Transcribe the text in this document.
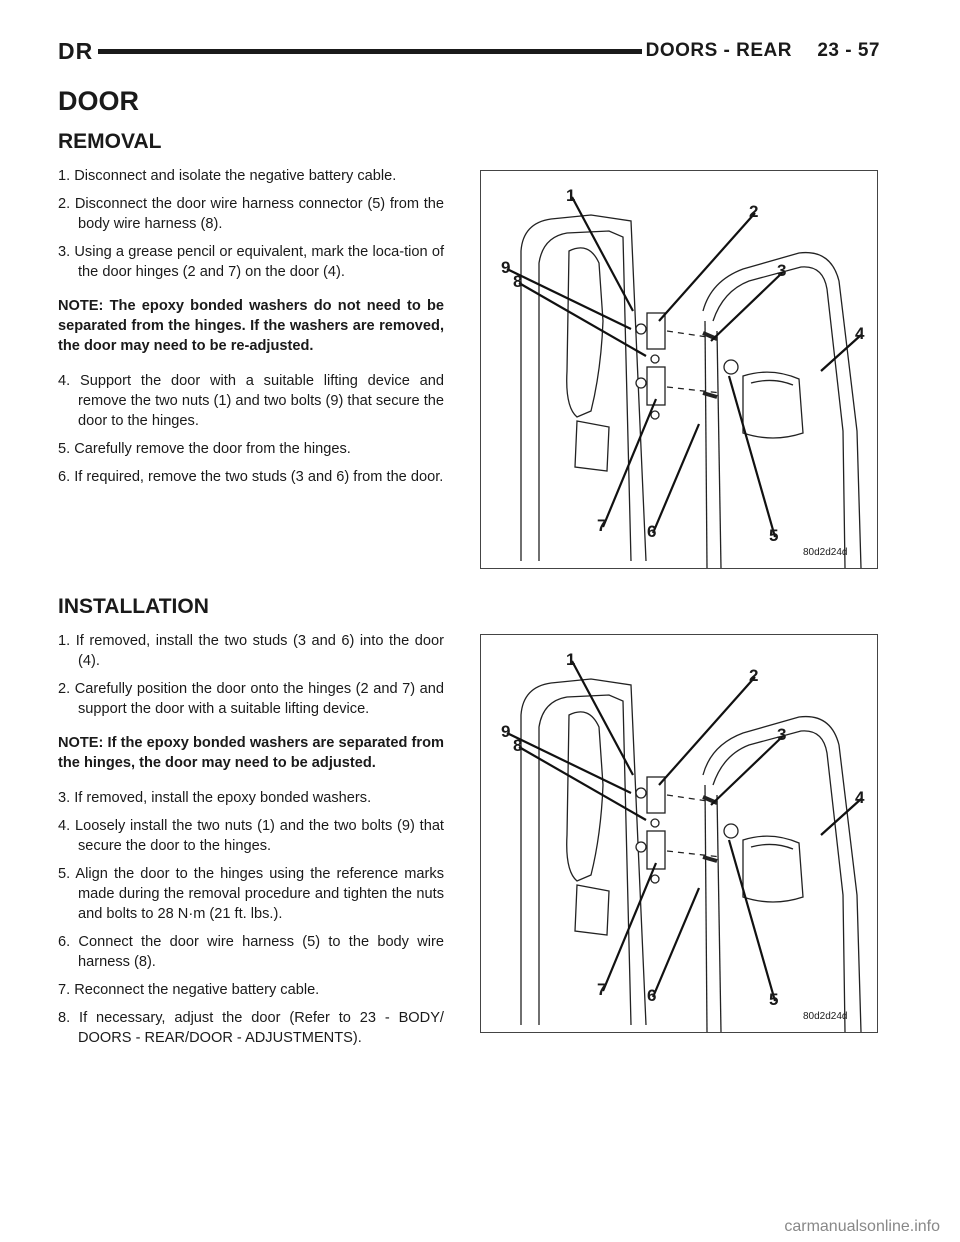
DR	DOORS - REAR 23 - 57
DOOR
REMOVAL

1. Disconnect and isolate the negative battery cable.

2. Disconnect the door wire harness connector (5) from the body wire harness (8).

3. Using a grease pencil or equivalent, mark the loca-tion of the door hinges (2 and 7) on the door (4).

NOTE: The epoxy bonded washers do not need to be separated from the hinges. If the washers are removed, the door may need to be re-adjusted.

4. Support the door with a suitable lifting device and remove the two nuts (1) and two bolts (9) that secure the door to the hinges.

5. Carefully remove the door from the hinges.

6. If required, remove the two studs (3 and 6) from the door.

1
2
3
4
5
6
7
8
9
80d2d24d
INSTALLATION

1. If removed, install the two studs (3 and 6) into the door (4).

2. Carefully position the door onto the hinges (2 and 7) and support the door with a suitable lifting device.

NOTE: If the epoxy bonded washers are separated from the hinges, the door may need to be adjusted.

3. If removed, install the epoxy bonded washers.

4. Loosely install the two nuts (1) and the two bolts (9) that secure the door to the hinges.

5. Align the door to the hinges using the reference marks made during the removal procedure and tighten the nuts and bolts to 28 N·m (21 ft. lbs.).

6. Connect the door wire harness (5) to the body wire harness (8).

7. Reconnect the negative battery cable.

8. If necessary, adjust the door (Refer to 23 - BODY/ DOORS - REAR/DOOR - ADJUSTMENTS).

1
2
3
4
5
6
7
8
9
80d2d24d
carmanualsonline.info
